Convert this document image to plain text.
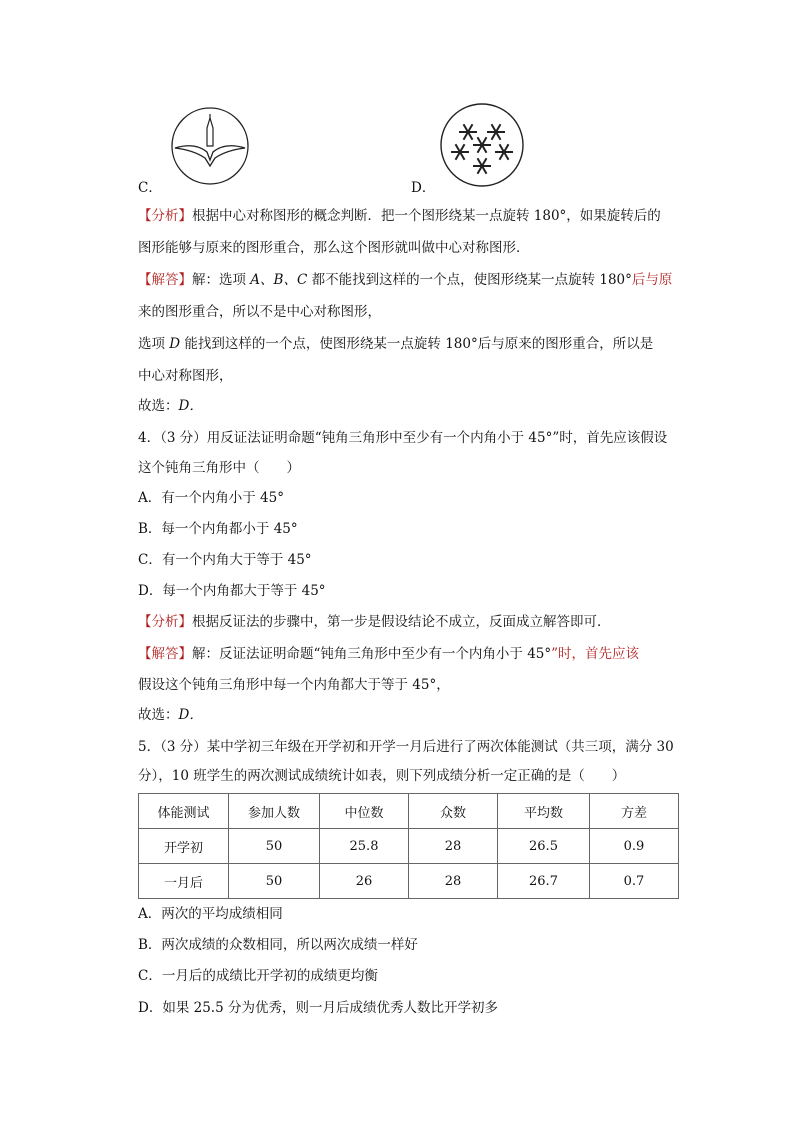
C．	D．
【分析】根据中心对称图形的概念判断．把一个图形绕某一点旋转 180°，如果旋转后的
图形能够与原来的图形重合，那么这个图形就叫做中心对称图形．
【解答】解：选项 A、B、C 都不能找到这样的一个点，使图形绕某一点旋转 180°后与原
来的图形重合，所以不是中心对称图形，
选项 D 能找到这样的一个点，使图形绕某一点旋转 180°后与原来的图形重合，所以是
中心对称图形，
故选：D．
4．（3 分）用反证法证明命题“钝角三角形中至少有一个内角小于 45°”时，首先应该假设
这个钝角三角形中（　　）
A．有一个内角小于 45°
B．每一个内角都小于 45°
C．有一个内角大于等于 45°
D．每一个内角都大于等于 45°
【分析】根据反证法的步骤中，第一步是假设结论不成立，反面成立解答即可．
【解答】解：反证法证明命题“钝角三角形中至少有一个内角小于 45°”时，首先应该
假设这个钝角三角形中每一个内角都大于等于 45°，
故选：D．
5．（3 分）某中学初三年级在开学初和开学一月后进行了两次体能测试（共三项，满分 30
分），10 班学生的两次测试成绩统计如表，则下列成绩分析一定正确的是（　　）
体能测试	参加人数	中位数	众数	平均数	方差
开学初	50	25.8	28	26.5	0.9
一月后	50	26	28	26.7	0.7
A．两次的平均成绩相同
B．两次成绩的众数相同，所以两次成绩一样好
C．一月后的成绩比开学初的成绩更均衡
D．如果 25.5 分为优秀，则一月后成绩优秀人数比开学初多
